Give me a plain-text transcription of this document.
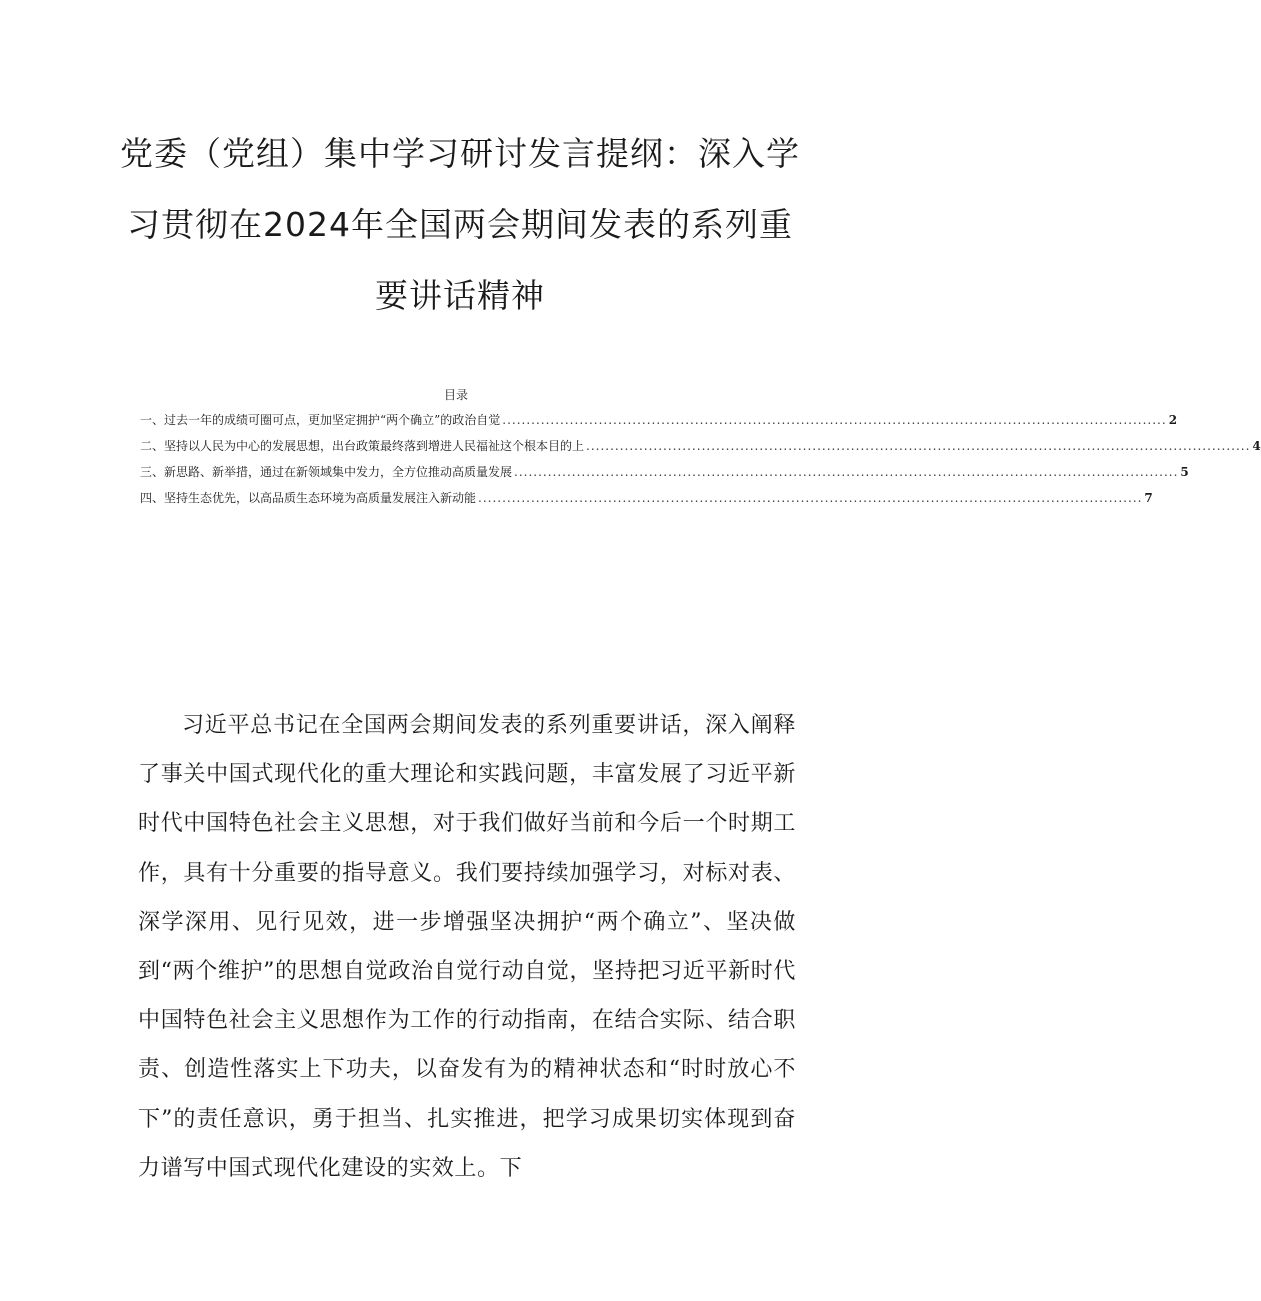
党委（党组）集中学习研讨发言提纲：深入学习贯彻在2024年全国两会期间发表的系列重要讲话精神
目录
一、过去一年的成绩可圈可点，更加坚定拥护“两个确立”的政治自觉 .......................................................................................................................................... 2
二、坚持以人民为中心的发展思想，出台政策最终落到增进人民福祉这个根本目的上 .......................................................................................................................................... 4
三、新思路、新举措，通过在新领域集中发力，全方位推动高质量发展 .......................................................................................................................................... 5
四、坚持生态优先，以高品质生态环境为高质量发展注入新动能 .......................................................................................................................................... 7

习近平总书记在全国两会期间发表的系列重要讲话，深入阐释了事关中国式现代化的重大理论和实践问题，丰富发展了习近平新时代中国特色社会主义思想，对于我们做好当前和今后一个时期工作，具有十分重要的指导意义。我们要持续加强学习，对标对表、深学深用、见行见效，进一步增强坚决拥护“两个确立”、坚决做到“两个维护”的思想自觉政治自觉行动自觉，坚持把习近平新时代中国特色社会主义思想作为工作的行动指南，在结合实际、结合职责、创造性落实上下功夫，以奋发有为的精神状态和“时时放心不下”的责任意识，勇于担当、扎实推进，把学习成果切实体现到奋力谱写中国式现代化建设的实效上。下
